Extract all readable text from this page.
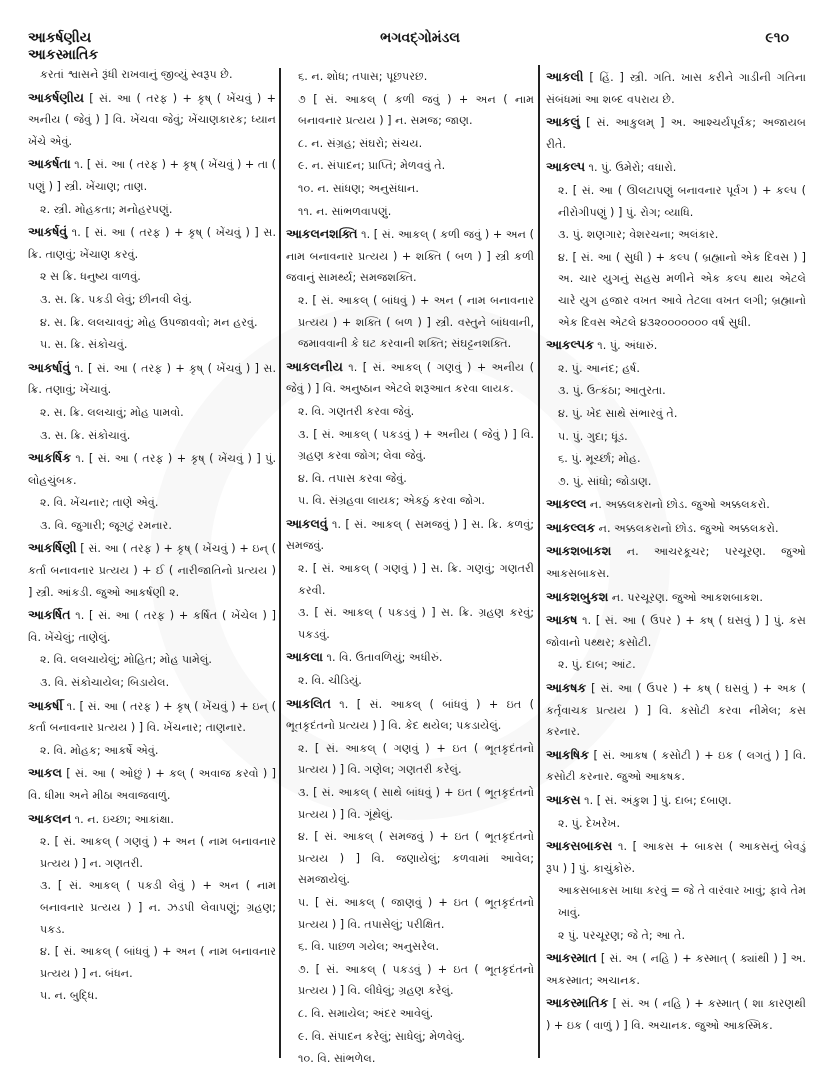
આકર્ષણીય
આકસ્માતિક
ભગવદ્ગોમંડલ	૯૧૦
કરતાં શ્વાસને રૂંધી રાખવાનું જીવ્યું સ્વરૂપ છે.
આકર્ષણીય [ સં. આ ( તરફ ) + કૃષ્ ( ખેંચવું ) + અનીય ( જેવું ) ] વિ. ખેંચવા જેવું; ખેંચાણકારક; ધ્યાન ખેંચે એવું.
આકર્ષતા ૧. [ સં. આ ( તરફ ) + કૃષ્ ( ખેંચવું ) + તા ( પણું ) ] સ્ત્રી. ખેંચાણ; તાણ.
૨. સ્ત્રી. મોહકતા; મનોહરપણું.
આકર્ષવું ૧. [ સં. આ ( તરફ ) + કૃષ્ ( ખેંચવું ) ] સ. ક્રિ. તાણવું; ખેંચાણ કરવું.
૨ સ ક્રિ. ધનુષ્ય વાળવું.
૩. સ. ક્રિ. પકડી લેવું; છીનવી લેવું.
૪. સ. ક્રિ. લલચાવવું; મોહ ઉપજાવવો; મન હરવું.
૫. સ. ક્રિ. સંકોચવું.
આકર્ષાવું ૧. [ સં. આ ( તરફ ) + કૃષ્ ( ખેંચવું ) ] સ. ક્રિ. તણાવું; ખેંચાવું.
૨. સ. ક્રિ. લલચાવું; મોહ પામવો.
૩. સ. ક્રિ. સંકોચાવું.
આકર્ષિક ૧. [ સં. આ ( તરફ ) + કૃષ્ ( ખેંચવું ) ] પું. લોહચુંબક.
૨. વિ. ખેંચનાર; તાણે એવું.
૩. વિ. જુગારી; જૂગટું રમનાર.
આકર્ષિણી [ સં. આ ( તરફ ) + કૃષ્ ( ખેંચવું ) + ઇન્ ( કર્તા બનાવનાર પ્રત્યય ) + ઈ ( નારીજાતિનો પ્રત્યય ) ] સ્ત્રી. આંકડી. જુઓ આકર્ષણી ૨.
આકર્ષિત ૧. [ સં. આ ( તરફ ) + કર્ષિત ( ખેંચેલ ) ] વિ. ખેંચેલું; તાણેલું.
૨. વિ. લલચાયેલું; મોહિત; મોહ પામેલું.
૩. વિ. સંકોચાયેલ; બિડાયેલ.
આકર્ષી ૧. [ સં. આ ( તરફ ) + કૃષ્ ( ખેંચવું ) + ઇન્ ( કર્તા બનાવનાર પ્રત્યય ) ] વિ. ખેંચનાર; તાણનાર.
૨. વિ. મોહક; આકર્ષે એવું.
આકલ [ સં. આ ( ઓછું ) + કલ્ ( અવાજ કરવો ) ] વિ. ધીમા અને મીઠા અવાજવાળું.
આકલન ૧. ન. ઇચ્છા; આકાંક્ષા.
૨. [ સં. આકલ્ ( ગણવું ) + અન ( નામ બનાવનાર પ્રત્યય ) ] ન. ગણતરી.
૩. [ સં. આકલ્ ( પકડી લેવું ) + અન ( નામ બનાવનાર પ્રત્યય ) ] ન. ઝડપી લેવાપણું; ગ્રહણ; પકડ.
૪. [ સં. આકલ્ ( બાંધવું ) + અન ( નામ બનાવનાર પ્રત્યય ) ] ન. બંધન.
૫. ન. બુદ્ધિ.
૬. ન. શોધ; તપાસ; પૂછપરછ.
૭ [ સં. આકલ્ ( કળી જવું ) + અન ( નામ બનાવનાર પ્રત્યય ) ] ન. સમજ; જાણ.
૮. ન. સંગ્રહ; સંઘરો; સંચય.
૯. ન. સંપાદન; પ્રાપ્તિ; મેળવવું તે.
૧૦. ન. સાંધણ; અનુસંધાન.
૧૧. ન. સાંભળવાપણું.
આકલનશક્તિ ૧. [ સં. આકલ્ ( કળી જવું ) + અન ( નામ બનાવનાર પ્રત્યય ) + શક્તિ ( બળ ) ] સ્ત્રી કળી જવાનું સામર્થ્ય; સમજશક્તિ.
૨. [ સં. આકલ્ ( બાંધવું ) + અન ( નામ બનાવનાર પ્રત્યય ) + શક્તિ ( બળ ) ] સ્ત્રી. વસ્તુને બાંધવાની, જમાવવાની કે ઘટ કરવાની શક્તિ; સંઘટ્ટનશક્તિ.
આકલનીય ૧. [ સં. આકલ્ ( ગણવું ) + અનીય ( જેવું ) ] વિ. અનુષ્ઠાન એટલે શરૂઆત કરવા લાયક.
૨. વિ. ગણતરી કરવા જેવું.
૩. [ સં. આકલ્ ( પકડવું ) + અનીય ( જેવું ) ] વિ. ગ્રહણ કરવા જોગ; લેવા જેવું.
૪. વિ. તપાસ કરવા જેવું.
૫. વિ. સંગ્રહવા લાયક; એકઠું કરવા જોગ.
આકલવું ૧. [ સં. આકલ્ ( સમજવું ) ] સ. ક્રિ. કળવું; સમજવું.
૨. [ સં. આકલ્ ( ગણવું ) ] સ. ક્રિ. ગણવું; ગણતરી કરવી.
૩. [ સં. આકલ્ ( પકડવું ) ] સ. ક્રિ. ગ્રહણ કરવું; પકડવું.
આકલા ૧. વિ. ઉતાવળિયું; અધીરું.
૨. વિ. ચીડિયું.
આકલિત ૧. [ સં. આકલ્ ( બાંધવું ) + ઇત ( ભૂતકૃદંતનો પ્રત્યય ) ] વિ. કેદ થયેલ; પકડાયેલું.
૨. [ સં. આકલ્ ( ગણવું ) + ઇત ( ભૂતકૃદંતનો પ્રત્યય ) ] વિ. ગણેલ; ગણતરી કરેલું.
૩. [ સં. આકલ્ ( સાથે બાંધવું ) + ઇત ( ભૂતકૃદંતનો પ્રત્યય ) ] વિ. ગૂંથેલું.
૪. [ સં. આકલ્ ( સમજવું ) + ઇત ( ભૂતકૃદંતનો પ્રત્યય ) ] વિ. જણાયેલું; કળવામાં આવેલ; સમજાયેલું.
૫. [ સં. આકલ્ ( જાણવું ) + ઇત ( ભૂતકૃદંતનો પ્રત્યય ) ] વિ. તપાસેલું; પરીક્ષિત.
૬. વિ. પાછળ ગયેલ; અનુસરેલ.
૭. [ સં. આકલ્ ( પકડવું ) + ઇત ( ભૂતકૃદંતનો પ્રત્યય ) ] વિ. લીધેલું; ગ્રહણ કરેલું.
૮. વિ. સમાયેલ; અંદર આવેલું.
૯. વિ. સંપાદન કરેલું; સાધેલું; મેળવેલું.
૧૦. વિ. સાંભળેલ.
આકલી [ હિં. ] સ્ત્રી. ગતિ. ખાસ કરીને ગાડીની ગતિના સંબંધમાં આ શબ્દ વપરાય છે.
આકલું [ સં. આકુલમ્ ] અ. આશ્ચર્યપૂર્વક; અજાયબ રીતે.
આકલ્પ ૧. પું. ઉમેરો; વધારો.
૨. [ સં. આ ( ઊલટાપણું બનાવનાર પૂર્વગ ) + કલ્પ ( નીરોગીપણું ) ] પું. રોગ; વ્યાધિ.
૩. પું. શણગાર; વેશરચના; અલંકાર.
૪. [ સં. આ ( સુધી ) + કલ્પ ( બ્રહ્માનો એક દિવસ ) ] અ. ચાર યુગનું સહસ્ર મળીને એક કલ્પ થાય એટલે ચારે યુગ હજાર વખત આવે તેટલા વખત લગી; બ્રહ્માનો એક દિવસ એટલે ૪૩૨૦૦૦૦૦૦૦ વર્ષ સુધી.
આકલ્પક ૧. પું. અંધારું.
૨. પું. આનંદ; હર્ષ.
૩. પું. ઉત્કંઠા; આતુરતા.
૪. પું. ખેદ સાથે સંભારવું તે.
૫. પું. ગુદા; ધૂંડ.
૬. પું. મૂર્ચ્છા; મોહ.
૭. પું. સાંધો; જોડાણ.
આકલ્લ ન. અક્કલકરાનો છોડ. જુઓ અક્કલકરો.
આકલ્લક ન. અક્કલકરાનો છોડ. જુઓ અક્કલકરો.
આકશબાકશ ન. આચરકૂચર; પરચૂરણ. જુઓ આકસબાકસ.
આકશબુકશ ન. પરચૂરણ. જુઓ આકશબાકશ.
આકષ ૧. [ સં. આ ( ઉપર ) + કષ્ ( ઘસવું ) ] પું. કસ જોવાનો પથ્થર; કસોટી.
૨. પું. દાબ; આંટ.
આકષક [ સં. આ ( ઉપર ) + કષ્ ( ઘસવું ) + અક ( કર્તૃવાચક પ્રત્યય ) ] વિ. કસોટી કરવા નીમેલ; કસ કરનાર.
આકષિક [ સં. આકષ ( કસોટી ) + ઇક ( લગતું ) ] વિ. કસોટી કરનાર. જુઓ આકષક.
આકસ ૧. [ સં. અંકુશ ] પું. દાબ; દબાણ.
૨. પું. દેખરેખ.
આકસબાકસ ૧. [ આકસ + બાકસ ( આકસનું બેવડું રૂપ ) ] પું. કાચુંકોરું.
આકસબાકસ ખાધા કરવું = જે તે વારંવાર ખાવું; ફાવે તેમ ખાવું.
૨ પું. પરચૂરણ; જે તે; આ તે.
આકસ્માત [ સં. અ ( નહિ ) + કસ્માત્ ( ક્યાંથી ) ] અ. અકસ્માત; અચાનક.
આકસ્માતિક [ સં. અ ( નહિ ) + કસ્માત્ ( શા કારણથી ) + ઇક ( વાળું ) ] વિ. અચાનક. જુઓ આકસ્મિક.
